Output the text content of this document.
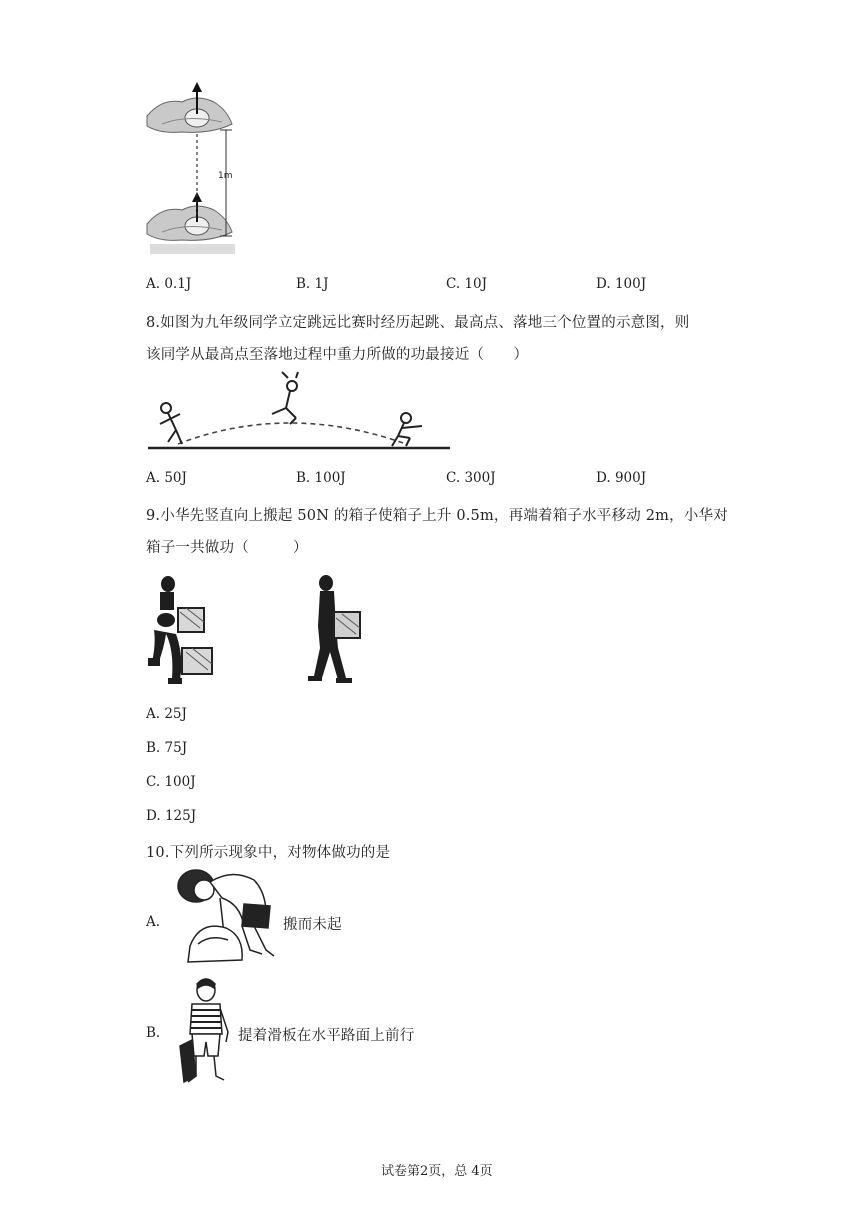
1m
A. 0.1J	B. 1J	C. 10J	D. 100J
8.如图为九年级同学立定跳远比赛时经历起跳、最高点、落地三个位置的示意图，则
该同学从最高点至落地过程中重力所做的功最接近（　　）
A. 50J	B. 100J	C. 300J	D. 900J
9.小华先竖直向上搬起 50N 的箱子使箱子上升 0.5m，再端着箱子水平移动 2m，小华对
箱子一共做功（　　　）
A. 25J
B. 75J
C. 100J
D. 125J
10.下列所示现象中，对物体做功的是
A.	搬而未起
B.	提着滑板在水平路面上前行
试卷第2页，总 4页
